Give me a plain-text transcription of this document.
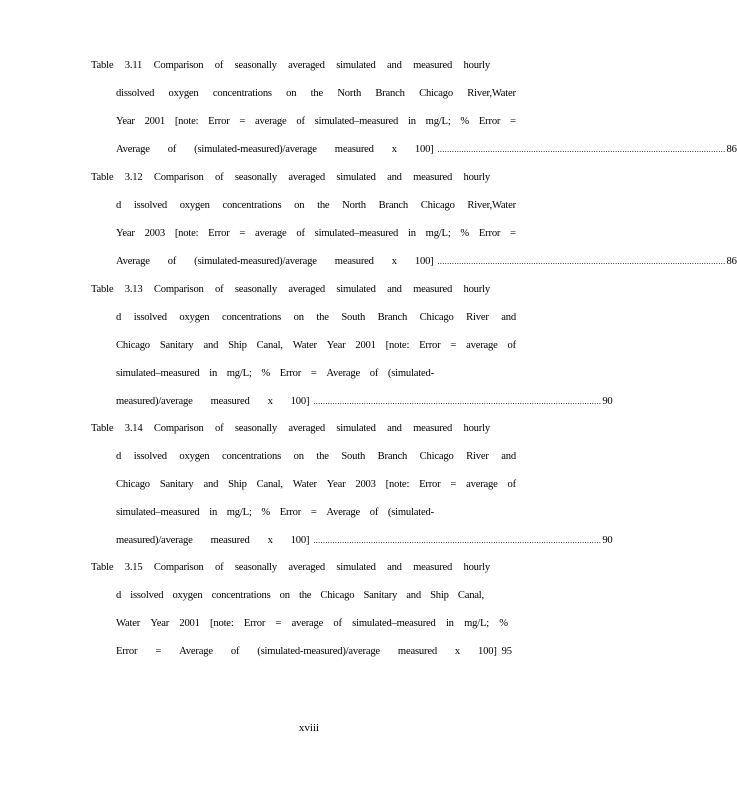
Table 3.11 Comparison of seasonally averaged simulated and measured hourly
dissolved oxygen concentrations on the North Branch Chicago River,Water
Year 2001 [note: Error = average of simulated–measured in mg/L; % Error =
Average of (simulated-measured)/average measured x 100] ........................................................................................................................ 86
Table 3.12 Comparison of seasonally averaged simulated and measured hourly
d issolved oxygen concentrations on the North Branch Chicago River,Water
Year 2003 [note: Error = average of simulated–measured in mg/L; % Error =
Average of (simulated-measured)/average measured x 100] ........................................................................................................................ 86
Table 3.13 Comparison of seasonally averaged simulated and measured hourly
d issolved oxygen concentrations on the South Branch Chicago River and
Chicago Sanitary and Ship Canal, Water Year 2001 [note: Error = average of
simulated–measured in mg/L; % Error = Average of (simulated-
measured)/average measured x 100] ........................................................................................................................ 90
Table 3.14 Comparison of seasonally averaged simulated and measured hourly
d issolved oxygen concentrations on the South Branch Chicago River and
Chicago Sanitary and Ship Canal, Water Year 2003 [note: Error = average of
simulated–measured in mg/L; % Error = Average of (simulated-
measured)/average measured x 100] ........................................................................................................................ 90
Table 3.15 Comparison of seasonally averaged simulated and measured hourly
d issolved oxygen concentrations on the Chicago Sanitary and Ship Canal,
Water Year 2001 [note: Error = average of simulated–measured in mg/L; %
Error = Average of (simulated-measured)/average measured x 100] 95
xviii
